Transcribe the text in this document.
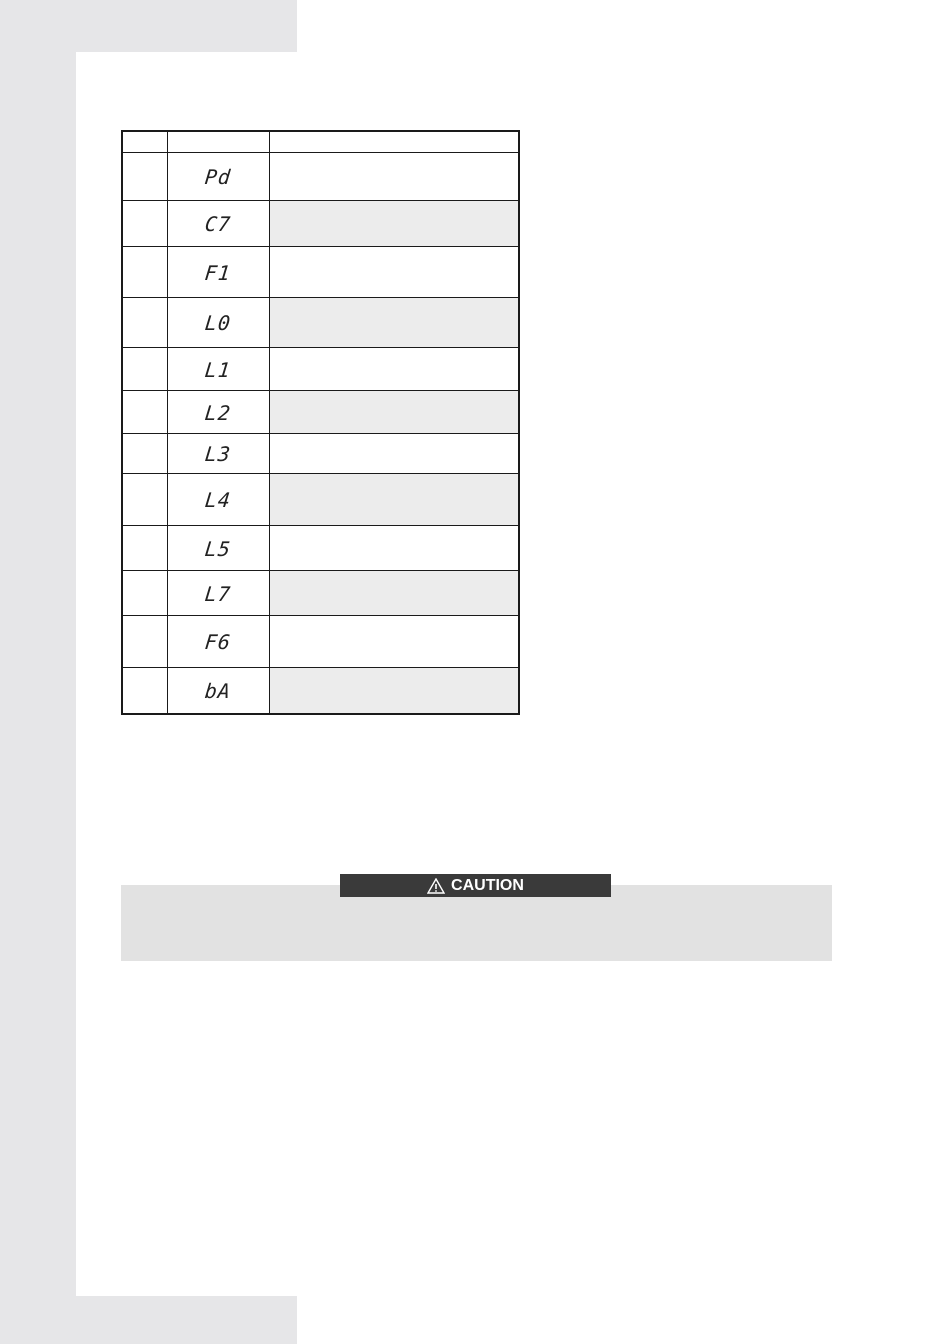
	Pd	
	C7	
	F1	
	L0	
	L1	
	L2	
	L3	
	L4	
	L5	
	L7	
	F6	
	bA	
CAUTION
